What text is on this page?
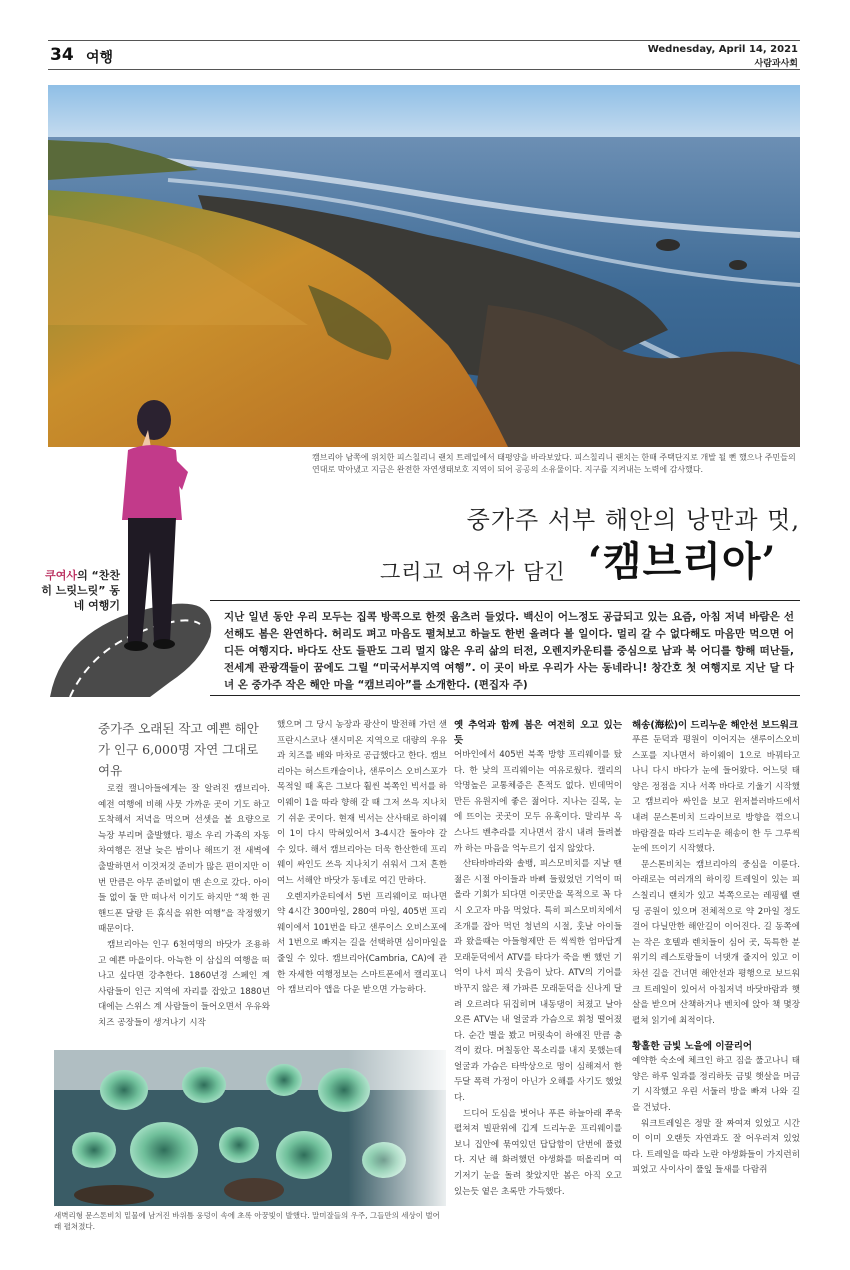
34 여행
Wednesday, April 14, 2021
사람과사회
캠브리아 남쪽에 위치한 피스칠리니 랜치 트레일에서 태평양을 바라보았다. 피스칠리니 랜치는 한때 주택단지로 개발 될 뻔 했으나 주민들의 연대로 막아냈고 지금은 완전한 자연생태보호 지역이 되어 공공의 소유물이다. 지구를 지켜내는 노력에 감사했다.
중가주 서부 해안의 낭만과 멋,
그리고 여유가 담긴 ‘캠브리아’
쿠여사의 “찬찬히 느릿느릿” 동네 여행기
지난 일년 동안 우리 모두는 집콕 방콕으로 한껏 움츠러 들었다. 백신이 어느정도 공급되고 있는 요즘, 아침 저녁 바람은 선선해도 봄은 완연하다. 허리도 펴고 마음도 펼쳐보고 하늘도 한번 올려다 볼 일이다. 멀리 갈 수 없다해도 마음만 먹으면 어디든 여행지다. 바다도 산도 들판도 그리 멀지 않은 우리 삶의 터전, 오렌지카운티를 중심으로 남과 북 어디를 향해 떠난들, 전세계 관광객들이 꿈에도 그릴 “미국서부지역 여행”. 이 곳이 바로 우리가 사는 동네라니! 창간호 첫 여행지로 지난 달 다녀 온 중가주 작은 해안 마을 “캠브리아”를 소개한다. (편집자 주)
중가주 오래된 작고 예쁜 해안가 인구 6,000명 자연 그대로 여유

로컬 캘니아들에게는 잘 알려진 캠브리아. 예전 여행에 비해 사뭇 가까운 곳이 기도 하고 도착해서 저녁을 먹으며 선셋을 볼 요량으로 늑장 부리며 출발했다. 평소 우리 가족의 자동차여행은 전날 늦은 밤이나 해뜨기 전 새벽에 출발하면서 이것저것 준비가 많은 편이지만 이번 만큼은 아무 준비없이 맨 손으로 갔다. 아이들 없이 둘 만 떠나서 이기도 하지만 “책 한 권 핸드폰 달랑 든 휴식을 위한 여행”을 작정했기 때문이다.

캠브리아는 인구 6천여명의 바닷가 조용하고 예쁜 마을이다. 아늑한 이 삼십의 여행을 떠나고 싶다면 강추한다. 1860년경 스페인 계 사람들이 인근 지역에 자리를 잡았고 1880년 대에는 스위스 계 사람들이 들어오면서 우유와 치즈 공장들이 생겨나기 시작

했으며 그 당시 농장과 광산이 발전해 가던 샌프란시스코나 샌시미온 지역으로 대량의 우유과 치즈를 배와 마차로 공급했다고 한다. 캠브리아는 허스트캐슬이나, 샌루이스 오비스포가 목적일 때 혹은 그보다 훨씬 북쪽인 빅서를 하이웨이 1을 따라 향해 갈 때 그저 쓰윽 지나치기 쉬운 곳이다. 현재 빅서는 산사태로 하이웨이 1이 다시 막혀있어서 3-4시간 돌아야 갈 수 있다. 해서 캠브리아는 더욱 한산한데 프리웨이 싸인도 쓰윽 지나치기 쉬워서 그저 흔한 여느 서해안 바닷가 동네로 여긴 만하다.

오렌지카운티에서 5번 프리웨이로 떠나면 약 4시간 300마일, 280여 마일, 405번 프리웨이에서 101번을 타고 샌루이스 오비스포에서 1번으로 빠지는 길을 선택하면 심이마일을 줄일 수 있다. 캠브리아(Cambria, CA)에 관한 자세한 여행정보는 스마트폰에서 캘리포니아 캠브리아 앱을 다운 받으면 가능하다.

옛 추억과 함께 봄은 여전히 오고 있는 듯

어바인에서 405번 북쪽 방향 프리웨이를 탔다. 한 낮의 프리웨이는 여유로웠다. 캘리의 악명높은 교통체증은 흔적도 없다. 빈데먹이 만든 유원지에 좋은 젊어다. 지나는 길목, 눈에 뜨이는 곳곳이 모두 유혹이다. 말리부 옥스나드 벤추라를 지나면서 잠시 내려 들려볼까 하는 마음을 억누르기 쉽지 않았다.

산타바바라와 솔뱅, 피스모비치를 지날 땐 젊은 시절 아이들과 바삐 들렀었던 기억이 떠올라 기회가 되다면 이곳만을 목적으로 꼭 다시 오고자 마음 먹었다. 특히 피스모비치에서 조개를 잡아 먹던 청년의 시절, 훗날 아이들과 왔을때는 아들형제만 든 씩씩한 엄마답게 모래둔덕에서 ATV를 타다가 죽을 뻔 했던 기억이 나서 피식 웃음이 났다. ATV의 기어를 바꾸지 않은 채 가파른 모래둔덕을 신나게 달려 오르려다 뒤집히며 내동댕이 쳐졌고 날아오른 ATV는 내 얼굴과 가슴으로 휘청 떨어졌다. 순간 별을 봤고 머릿속이 하얘진 만큼 충격이 컸다. 며칠동안 목소리를 내지 못했는데 얼굴과 가슴은 타박상으로 멍이 심해져서 한 두달 폭력 가정이 아닌가 오해를 사기도 했었다.

드디어 도심을 벗어나 푸른 하늘아래 쭈욱 펼쳐져 빌판위에 깁게 드리누운 프리웨이를 보니 집안에 묶여있던 답답함이 단번에 풀렸다. 지난 해 화려했던 야생화를 떠올리며 여기저기 눈을 돌려 찾았지만 봄은 아직 오고 있는듯 옅은 초록만 가득했다.

해송(海松)이 드리누운 해안선 보드워크

푸른 둔덕과 평원이 이어지는 샌루이스오비스포를 지나면서 하이웨이 1으로 바꿔타고 나니 다시 바다가 눈에 들어왔다. 어느덧 태양은 정점을 지나 서쪽 바다로 기울기 시작했고 캠브리아 싸인을 보고 윈저블러바드에서 내려 문스톤비치 드라이브로 방향을 꺾으니 바람결을 따라 드리누운 해송이 한 두 그루씩 눈에 뜨이기 시작했다.

문스톤비치는 캠브리아의 중심을 이룬다. 아래로는 여러개의 하이킹 트레일이 있는 피스칠리니 랜치가 있고 북쪽으로는 레핑웰 랜딩 공원이 있으며 전체적으로 약 2마일 정도 걸어 다닐만한 해안길이 이어진다. 길 동쪽에는 작은 호텔과 렌치들이 심어 곳, 독특한 분위기의 레스토랑들이 너댓개 줄지어 있고 이차선 길을 건너면 해안선과 평행으로 보드워크 트레일이 있어서 아침저녁 바닷바람과 햇살을 받으며 산책하거나 벤치에 앉아 책 몇장 펼쳐 읽기에 최적이다.

황홀한 금빛 노을에 이끌리어

예약한 숙소에 체크인 하고 짐을 풀고나니 태양은 하루 일과를 정리하듯 금빛 햇살을 머금기 시작했고 우린 서둘러 방을 빠져 나와 길을 건넜다.

워크트레일은 정말 잘 짜여져 있었고 시간이 이미 오랜듯 자연과도 잘 어우러져 있었다. 트레일을 따라 노란 야생화들이 가지런히 피었고 사이사이 풀잎 들새를 다람쥐

새벽리형 문스톤비치 밑물에 남겨진 바위틈 웅덩이 속에 초록 아꿍빛이 발했다. 말미잘들의 우주, 그들만의 세상이 벌어래 펼쳐졌다.
